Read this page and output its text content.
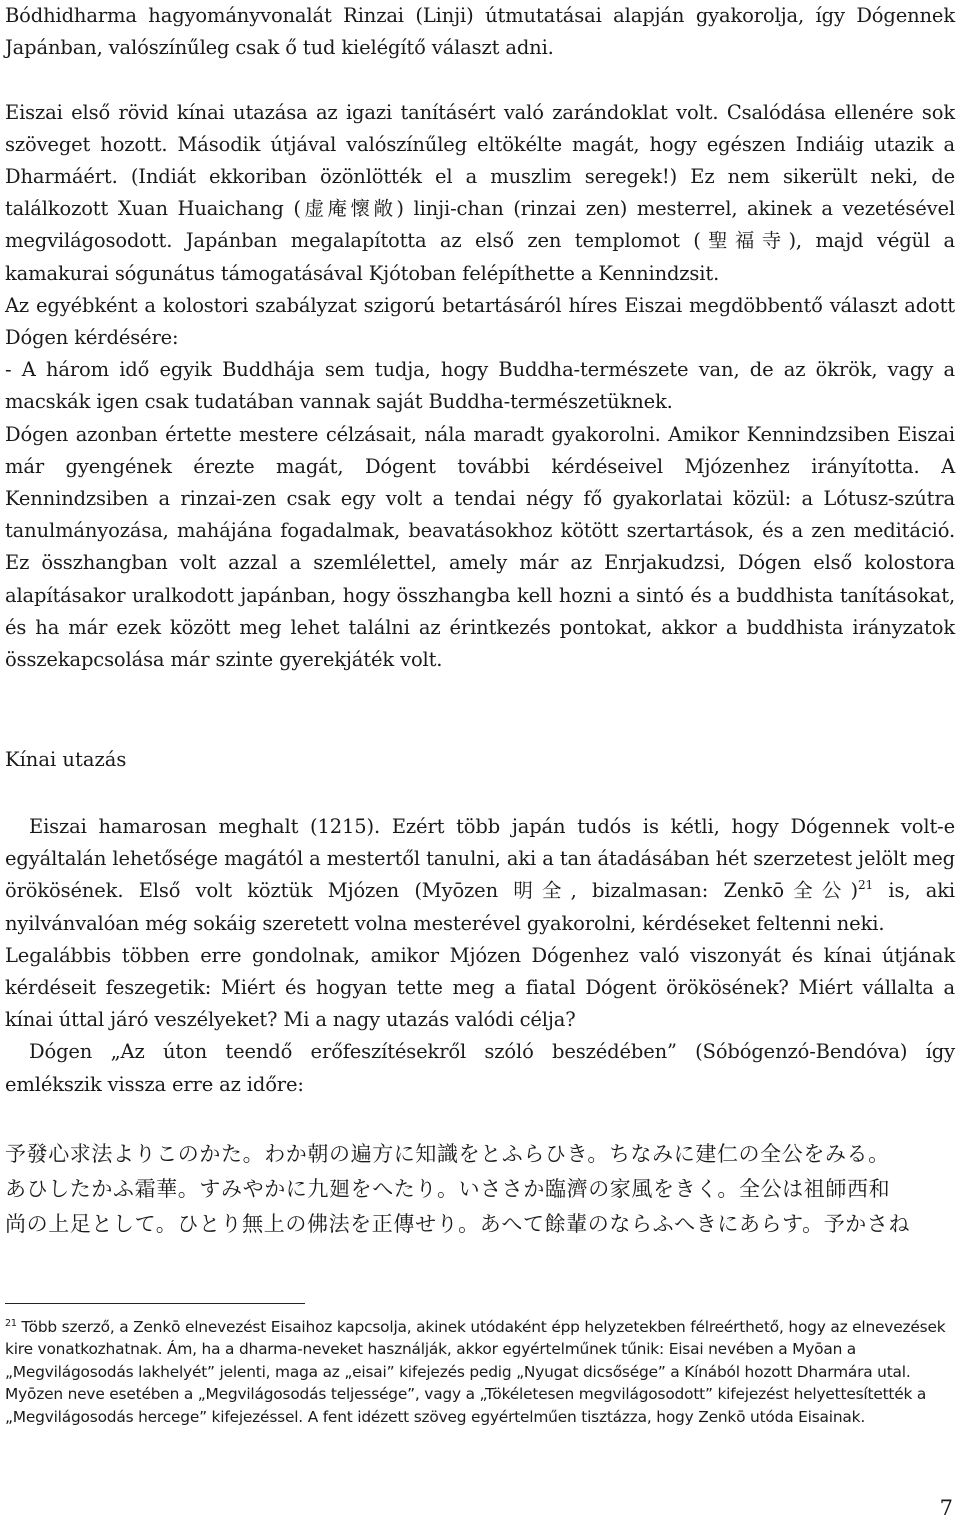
Bódhidharma hagyományvonalát Rinzai (Linji) útmutatásai alapján gyakorolja, így Dógennek Japánban, valószínűleg csak ő tud kielégítő választ adni.

Eiszai első rövid kínai utazása az igazi tanításért való zarándoklat volt. Csalódása ellenére sok szöveget hozott. Második útjával valószínűleg eltökélte magát, hogy egészen Indiáig utazik a Dharmáért. (Indiát ekkoriban özönlötték el a muszlim seregek!) Ez nem sikerült neki, de találkozott Xuan Huaichang (虚庵懷敞) linji-chan (rinzai zen) mesterrel, akinek a vezetésével megvilágosodott. Japánban megalapította az első zen templomot (聖福寺), majd végül a kamakurai sógunátus támogatásával Kjótoban felépíthette a Kennindzsit.

Az egyébként a kolostori szabályzat szigorú betartásáról híres Eiszai megdöbbentő választ adott Dógen kérdésére:

- A három idő egyik Buddhája sem tudja, hogy Buddha-természete van, de az ökrök, vagy a macskák igen csak tudatában vannak saját Buddha-természetüknek.

Dógen azonban értette mestere célzásait, nála maradt gyakorolni. Amikor Kennindzsiben Eiszai már gyengének érezte magát, Dógent további kérdéseivel Mjózenhez irányította. A Kennindzsiben a rinzai-zen csak egy volt a tendai négy fő gyakorlatai közül: a Lótusz-szútra tanulmányozása, mahájána fogadalmak, beavatásokhoz kötött szertartások, és a zen meditáció. Ez összhangban volt azzal a szemlélettel, amely már az Enrjakudzsi, Dógen első kolostora alapításakor uralkodott japánban, hogy összhangba kell hozni a sintó és a buddhista tanításokat, és ha már ezek között meg lehet találni az érintkezés pontokat, akkor a buddhista irányzatok összekapcsolása már szinte gyerekjáték volt.

Kínai utazás

Eiszai hamarosan meghalt (1215). Ezért több japán tudós is kétli, hogy Dógennek volt-e egyáltalán lehetősége magától a mestertől tanulni, aki a tan átadásában hét szerzetest jelölt meg örökösének. Első volt köztük Mjózen (Myōzen 明全, bizalmasan: Zenkō全公)$^{21}$ is, aki nyilvánvalóan még sokáig szeretett volna mesterével gyakorolni, kérdéseket feltenni neki.

Legalábbis többen erre gondolnak, amikor Mjózen Dógenhez való viszonyát és kínai útjának kérdéseit feszegetik: Miért és hogyan tette meg a fiatal Dógent örökösének? Miért vállalta a kínai úttal járó veszélyeket? Mi a nagy utazás valódi célja?

Dógen „Az úton teendő erőfeszítésekről szóló beszédében” (Sóbógenzó-Bendóva) így emlékszik vissza erre az időre:

予發心求法よりこのかた。わか朝の遍方に知識をとふらひき。ちなみに建仁の全公をみる。
あひしたかふ霜華。すみやかに九廻をへたり。いささか臨濟の家風をきく。全公は祖師西和
尚の上足として。ひとり無上の佛法を正傳せり。あへて餘輩のならふへきにあらす。予かさね

$^{21}$ Több szerző, a Zenkō elnevezést Eisaihoz kapcsolja, akinek utódaként épp helyzetekben félreérthető, hogy az elnevezések kire vonatkozhatnak. Ám, ha a dharma-neveket használják, akkor egyértelműnek tűnik: Eisai nevében a Myōan a „Megvilágosodás lakhelyét” jelenti, maga az „eisai” kifejezés pedig „Nyugat dicsősége” a Kínából hozott Dharmára utal. Myōzen neve esetében a „Megvilágosodás teljessége”, vagy a „Tökéletesen megvilágosodott” kifejezést helyettesítették a „Megvilágosodás hercege” kifejezéssel. A fent idézett szöveg egyértelműen tisztázza, hogy Zenkō utóda Eisainak.

7
